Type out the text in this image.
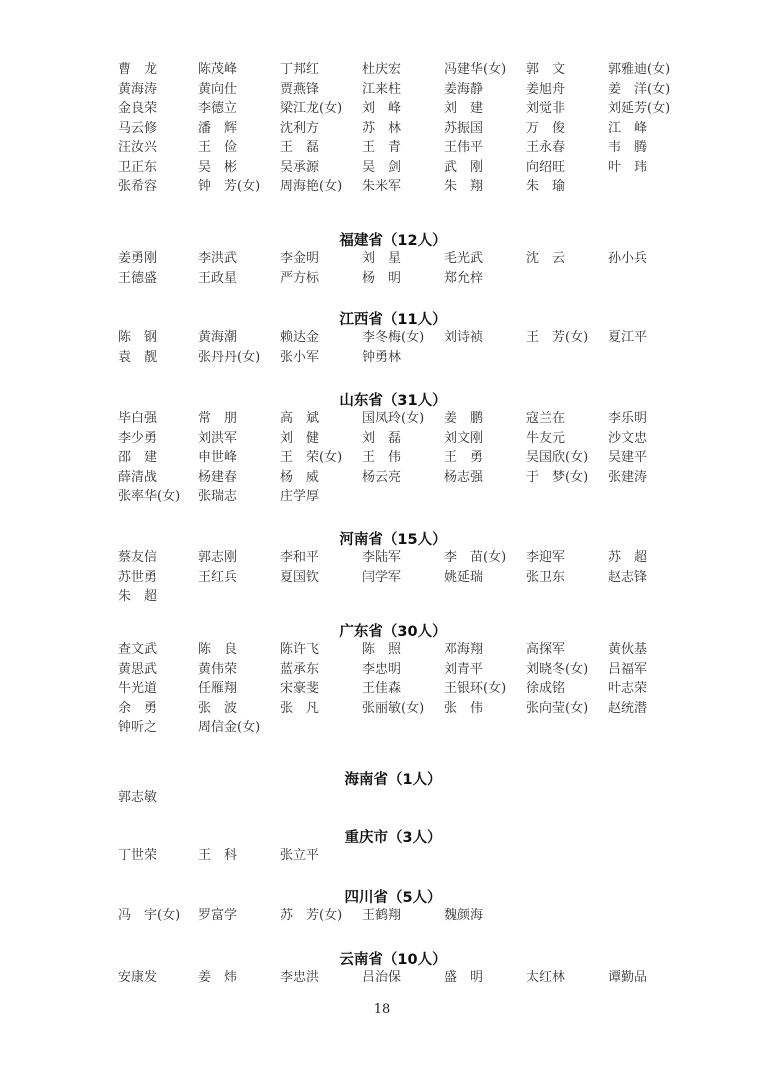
曹　龙	陈茂峰	丁邦红	杜庆宏	冯建华(女) 郭　文	郭雅迪(女)
黄海涛	黄向仕	贾燕锋	江来柱	姜海静	姜旭舟	姜　洋(女)
金良荣	李德立	梁江龙(女) 刘　峰	刘　建	刘觉非	刘延芳(女)
马云修	潘　辉	沈利方	苏　林	苏振国	万　俊	江　峰
汪汝兴	王　俭	王　磊	王　青	王伟平	王永春	韦　腾
卫正东	吴　彬	吴承源	吴　剑	武　刚	向绍旺	叶　玮
张希容	钟　芳(女) 周海艳(女) 朱米军	朱　翔	朱　瑜
福建省（12人）
姜勇刚	李洪武	李金明	刘　星	毛光武	沈　云	孙小兵
王德盛	王政星	严方标	杨　明	郑允梓
江西省（11人）
陈　钢	黄海潮	赖达金	李冬梅(女) 刘诗祯	王　芳(女) 夏江平
袁　靓	张丹丹(女) 张小军	钟勇林
山东省（31人）
毕白强	常　朋	高　斌	国凤玲(女) 姜　鹏	寇兰在	李乐明
李少勇	刘洪军	刘　健	刘　磊	刘文刚	牛友元	沙文忠
邵　建	申世峰	王　荣(女) 王　伟	王　勇	吴国欣(女) 吴建平
薛清战	杨建春	杨　威	杨云亮	杨志强	于　梦(女) 张建涛
张率华(女) 张瑞志	庄学厚
河南省（15人）
蔡友信	郭志刚	李和平	李陆军	李　苗(女) 李迎军	苏　超
苏世勇	王红兵	夏国钦	闫学军	姚延瑞	张卫东	赵志锋
朱　超
广东省（30人）
查文武	陈　良	陈许飞	陈　照	邓海翔	高探军	黄伙基
黄思武	黄伟荣	蓝承东	李忠明	刘青平	刘晓冬(女) 吕福军
牛光道	任雁翔	宋豪斐	王佳森	王银环(女) 徐成铭	叶志荣
余　勇	张　波	张　凡	张丽敏(女) 张　伟	张向莹(女) 赵统潜
钟听之	周信金(女)
海南省（1人）
郭志敏
重庆市（3人）
丁世荣	王　科	张立平
四川省（5人）
冯　宇(女) 罗富学	苏　芳(女) 王鹤翔	魏颜海
云南省（10人）
安康发	姜　炜	李忠洪	吕治保	盛　明	太红林	谭勤品
18
